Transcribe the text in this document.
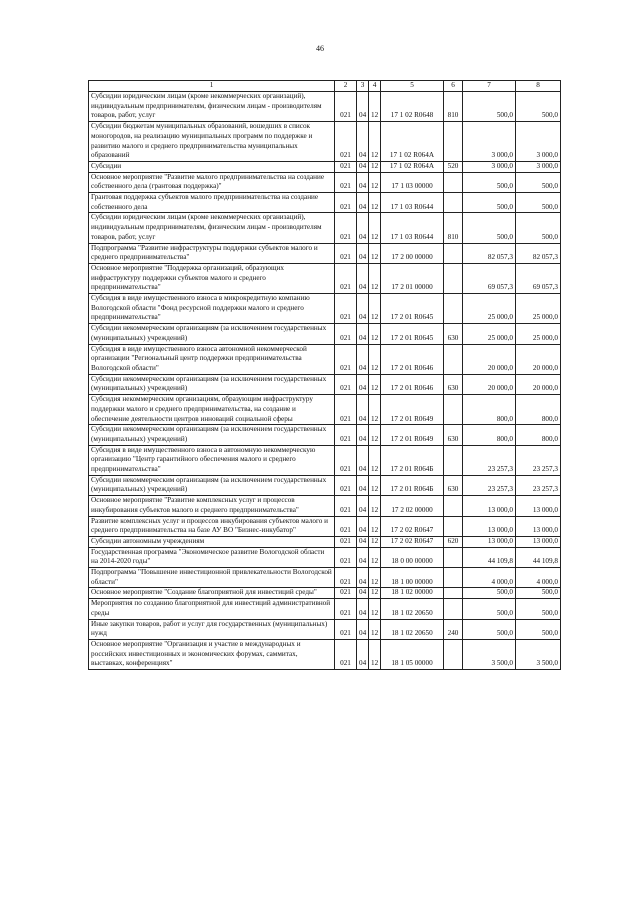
46
1	2	3	4	5	6	7	8
Субсидии юридическим лицам (кроме некоммерческих организаций), индивидуальным предпринимателям, физическим лицам - производителям товаров, работ, услуг	021	04	12	17 1 02 R0648	810	500,0	500,0
Субсидии бюджетам муниципальных образований, вошедших в список моногородов, на реализацию муниципальных программ по поддержке и развитию малого и среднего предпринимательства муниципальных образований	021	04	12	17 1 02 R064A		3 000,0	3 000,0
Субсидии	021	04	12	17 1 02 R064A	520	3 000,0	3 000,0
Основное мероприятие "Развитие малого предпринимательства на создание собственного дела (грантовая поддержка)"	021	04	12	17 1 03 00000		500,0	500,0
Грантовая поддержка субъектов малого предпринимательства на создание собственного дела	021	04	12	17 1 03 R0644		500,0	500,0
Субсидии юридическим лицам (кроме некоммерческих организаций), индивидуальным предпринимателям, физическим лицам - производителям товаров, работ, услуг	021	04	12	17 1 03 R0644	810	500,0	500,0
Подпрограмма "Развитие инфраструктуры поддержки субъектов малого и среднего предпринимательства"	021	04	12	17 2 00 00000		82 057,3	82 057,3
Основное мероприятие "Поддержка организаций, образующих инфраструктуру поддержки субъектов малого и среднего предпринимательства"	021	04	12	17 2 01 00000		69 057,3	69 057,3
Субсидия в виде имущественного взноса в микрокредитную компанию Вологодской области "Фонд ресурсной поддержки малого и среднего предпринимательства"	021	04	12	17 2 01 R0645		25 000,0	25 000,0
Субсидии некоммерческим организациям (за исключением государственных (муниципальных) учреждений)	021	04	12	17 2 01 R0645	630	25 000,0	25 000,0
Субсидия в виде имущественного взноса автономной некоммерческой организации "Региональный центр поддержки предпринимательства Вологодской области"	021	04	12	17 2 01 R0646		20 000,0	20 000,0
Субсидии некоммерческим организациям (за исключением государственных (муниципальных) учреждений)	021	04	12	17 2 01 R0646	630	20 000,0	20 000,0
Субсидия некоммерческим организациям, образующим инфраструктуру поддержки малого и среднего предпринимательства, на создание и обеспечение деятельности центров инноваций социальной сферы	021	04	12	17 2 01 R0649		800,0	800,0
Субсидии некоммерческим организациям (за исключением государственных (муниципальных) учреждений)	021	04	12	17 2 01 R0649	630	800,0	800,0
Субсидия в виде имущественного взноса в автономную некоммерческую организацию "Центр гарантийного обеспечения малого и среднего предпринимательства"	021	04	12	17 2 01 R064Б		23 257,3	23 257,3
Субсидии некоммерческим организациям (за исключением государственных (муниципальных) учреждений)	021	04	12	17 2 01 R064Б	630	23 257,3	23 257,3
Основное мероприятие "Развитие комплексных услуг и процессов инкубирования субъектов малого и среднего предпринимательства"	021	04	12	17 2 02 00000		13 000,0	13 000,0
Развитие комплексных услуг и процессов инкубирования субъектов малого и среднего предпринимательства на базе АУ ВО "Бизнес-инкубатор"	021	04	12	17 2 02 R0647		13 000,0	13 000,0
Субсидии автономным учреждениям	021	04	12	17 2 02 R0647	620	13 000,0	13 000,0
Государственная программа "Экономическое развитие Вологодской области на 2014-2020 годы"	021	04	12	18 0 00 00000		44 109,8	44 109,8
Подпрограмма "Повышение инвестиционной привлекательности Вологодской области"	021	04	12	18 1 00 00000		4 000,0	4 000,0
Основное мероприятие "Создание благоприятной для инвестиций среды"	021	04	12	18 1 02 00000		500,0	500,0
Мероприятия по созданию благоприятной для инвестиций административной среды	021	04	12	18 1 02 20650		500,0	500,0
Иные закупки товаров, работ и услуг для государственных (муниципальных) нужд	021	04	12	18 1 02 20650	240	500,0	500,0
Основное мероприятие "Организация и участие в международных и российских инвестиционных и экономических форумах, саммитах, выставках, конференциях"	021	04	12	18 1 05 00000		3 500,0	3 500,0
